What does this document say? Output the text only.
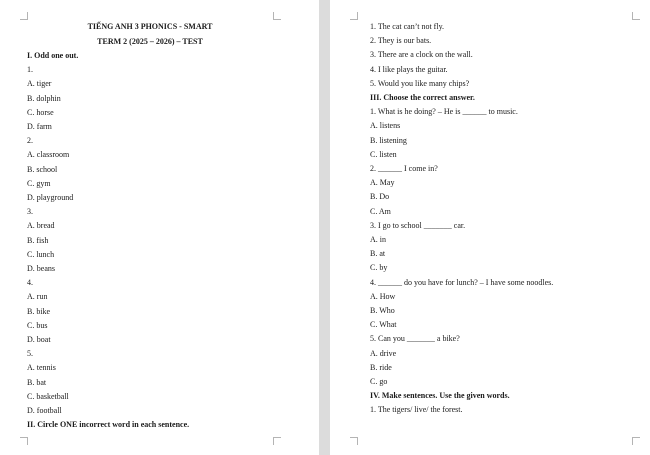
TIẾNG ANH 3 PHONICS - SMART
TERM 2 (2025 – 2026) – TEST
I. Odd one out.
1.
A. tiger
B. dolphin
C. horse
D. farm
2.
A. classroom
B. school
C. gym
D. playground
3.
A. bread
B. fish
C. lunch
D. beans
4.
A. run
B. bike
C. bus
D. boat
5.
A. tennis
B. bat
C. basketball
D. football
II. Circle ONE incorrect word in each sentence.
1. The cat can’t not fly.
2. They is our bats.
3. There are a clock on the wall.
4. I like plays the guitar.
5. Would you like many chips?
III. Choose the correct answer.
1. What is he doing? – He is ______ to music.
A. listens
B. listening
C. listen
2. ______ I come in?
A. May
B. Do
C. Am
3. I go to school _______ car.
A. in
B. at
C. by
4. ______ do you have for lunch? – I have some noodles.
A. How
B. Who
C. What
5. Can you _______ a bike?
A. drive
B. ride
C. go
IV. Make sentences. Use the given words.
1. The tigers/ live/ the forest.
